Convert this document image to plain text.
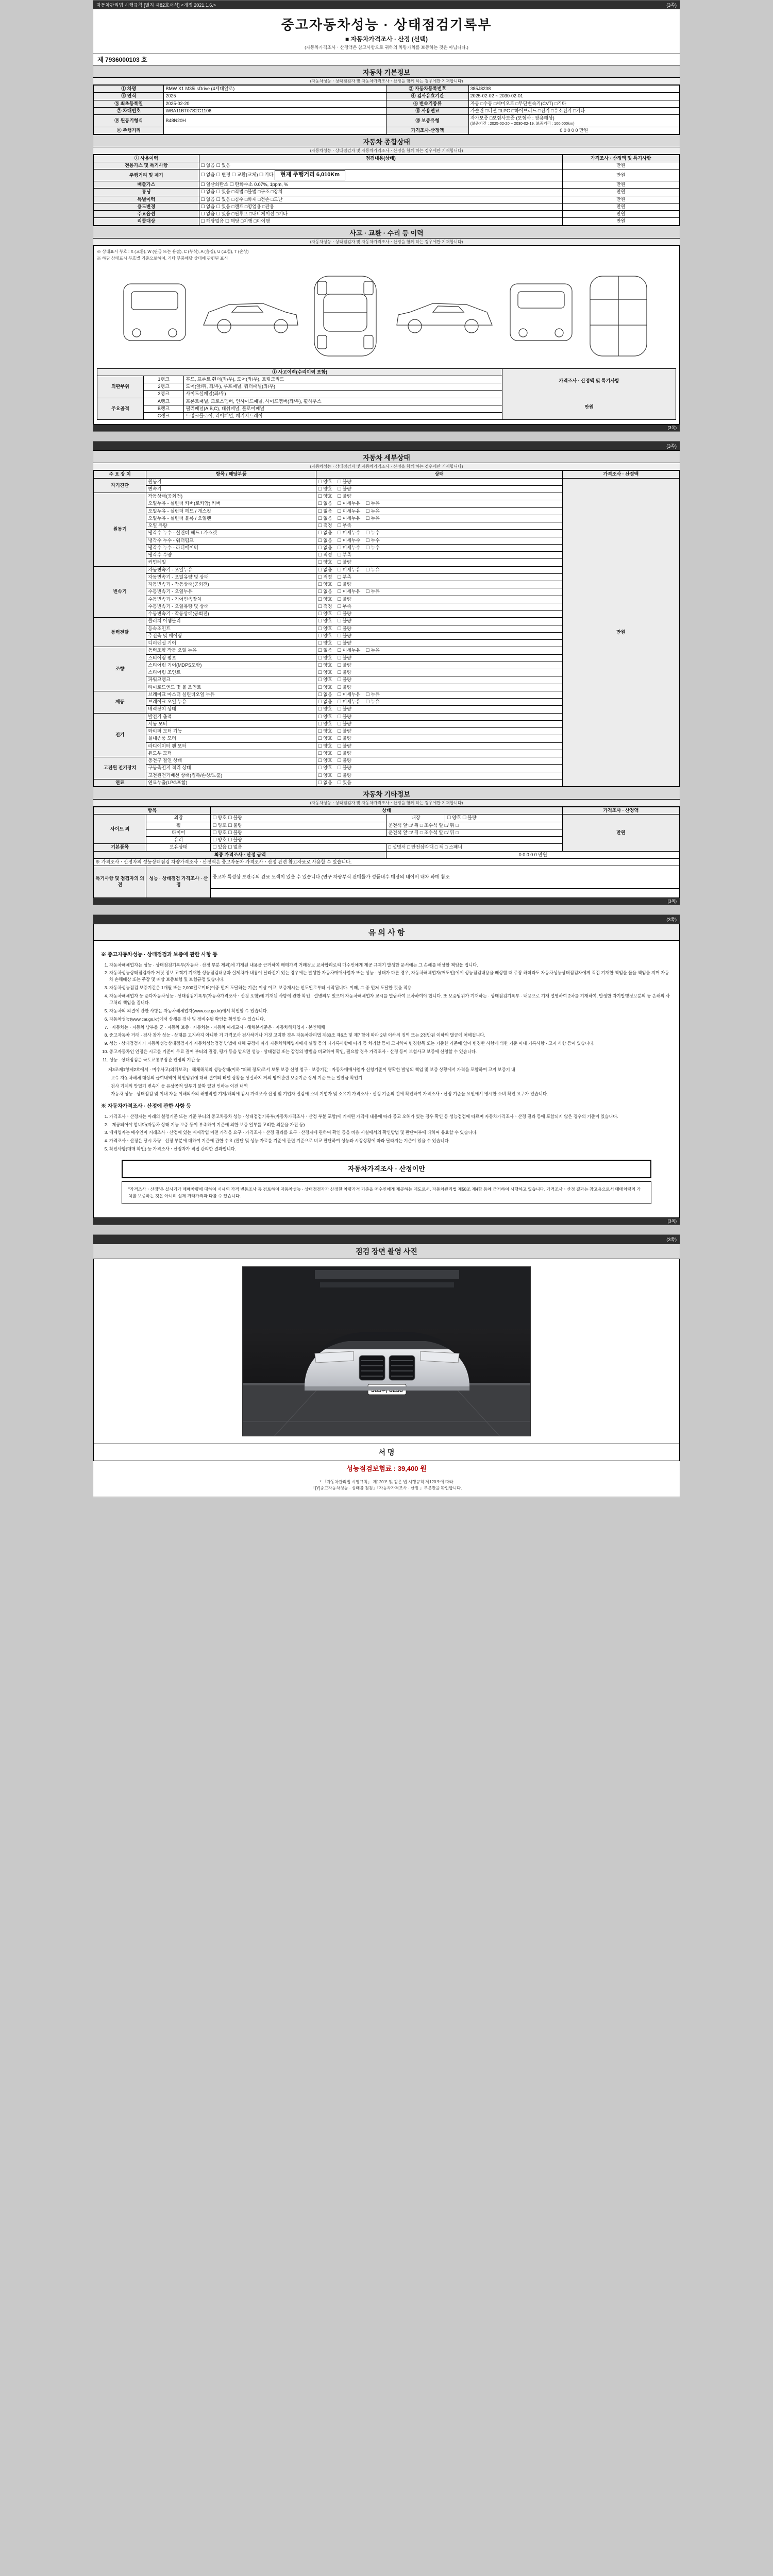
자동차관리법 시행규칙 [별지 제82호서식] <개정 2021.1.6.>	(3쪽)
중고자동차성능 · 상태점검기록부
■ 자동차가격조사 · 산정 (선택)
(자동차가격조사ㆍ산정액은 참고사항으로 귀하의 차량가치를 보증하는 것은 아닙니다.)
제 7936000103 호
자동차 기본정보
(자동차성능ㆍ상태점검자 및 자동차가격조사ㆍ산정을 함께 하는 경우에만 기재합니다)
① 차명	BMW X1 M35i sDrive (4세대알로)	② 자동차등록번호	385J8238
③ 연식	2025	④ 검사유효기간	2025-02-02 ~ 2030-02-01
⑤ 최초등록일	2025-02-20	⑥ 변속기종류	자동 □수동 □세미오토 □무단변속기(CVT) □기타
⑦ 차대번호	WBA11BT07S2G1106	⑧ 사용연료	가솔린 □디젤 □LPG □하이브리드 □전기 □수소전기 □기타
⑨ 원동기형식	B48N20H	⑩ 보증유형	자가보증 □보험사보증 (보험사 : 쌍용해상)
(보증기간 : 2025-02-20 ~ 2030-02-19, 보증거리 : 100,000km)

⑪ 주행거리		가격조사·산정액	0 0 0 0 0 만원
자동차 종합상태
(자동차성능ㆍ상태점검자 및 자동차가격조사ㆍ산정을 함께 하는 경우에만 기재합니다)
① 사용이력	점검내용(상태)	가격조사 · 산정액 및 특기사항
전용가스 및 특기사항	☐ 없음 ☐ 있음	만원
주행거리 및 계기	☐ 없음 ☐ 변경 ☐ 교환(교체) ☐ 기타 현재 주행거리 6,010Km	만원
배출가스	☐ 일산화탄소 ☐ 탄화수소 0.07%, 1ppm, %	만원
튜닝	☐ 없음 ☐ 있음 □적법 □불법 □구조 □장치	만원
특별이력	☐ 없음 ☐ 있음 □침수 □화재 □전손 □도난	만원
용도변경	☐ 없음 ☐ 있음 □렌트 □영업용 □관용	만원
주요옵션	☐ 없음 ☐ 있음 □썬루프 □내비게이션 □기타	만원
리콜대상	☐ 해당없음 ☐ 해당 □이행 □미이행	만원
사고 · 교환 · 수리 등 이력
(자동차성능ㆍ상태점검자 및 자동차가격조사ㆍ산정을 함께 하는 경우에만 기재합니다)
※ 상태표시 부호 : X (교환), W (판금 또는 용접), C (부식), A (흠집), U (요철), T (손상)
※ 하단 상태표시 부호별 기준으로하여, 기타 부품해당 상태에 관련된 표시
① 사고이력(수리이력 포함)			가격조사 · 산정액 및 특기사항
만원

외판부위	1랭크	후드, 프론트 휀더(좌/우), 도어(좌/우), 트렁크리드	
	2랭크	도어(앞/뒤, 좌/우), 루프패널, 쿼터패널(좌/우)	
	3랭크	사이드실패널(좌/우)	
주요골격	A랭크	프론트패널, 크로스멤버, 인사이드패널, 사이드멤버(좌/우), 휠하우스	
	B랭크	필러패널(A,B,C), 대쉬패널, 플로어패널	
	C랭크	트렁크플로어, 리어패널, 패키지트레이	
(3쪽)
(3쪽)
자동차 세부상태
(자동차성능ㆍ상태점검자 및 자동차가격조사ㆍ산정을 함께 하는 경우에만 기재합니다)
주 요 장 치	항목 / 해당부품	상태	가격조사 · 산정액
자기진단	원동기	☐ 양호 ☐ 불량	만원
	변속기	☐ 양호 ☐ 불량
원동기	작동상태(공회전)	☐ 양호 ☐ 불량
	오일누유 - 실린더 커버(로커암) 커버	☐ 없음 ☐ 미세누유 ☐ 누유
	오일누유 - 실린더 헤드 / 개스킷	☐ 없음 ☐ 미세누유 ☐ 누유
	오일누유 - 실린더 블록 / 오일팬	☐ 없음 ☐ 미세누유 ☐ 누유
	오일 유량	☐ 적정 ☐ 부족
	냉각수 누수 - 실린더 헤드 / 가스켓	☐ 없음 ☐ 미세누수 ☐ 누수
	냉각수 누수 - 워터펌프	☐ 없음 ☐ 미세누수 ☐ 누수
	냉각수 누수 - 라디에이터	☐ 없음 ☐ 미세누수 ☐ 누수
	냉각수 수량	☐ 적정 ☐ 부족
	커먼레일	☐ 양호 ☐ 불량
변속기	자동변속기 - 오일누유	☐ 없음 ☐ 미세누유 ☐ 누유
	자동변속기 - 오일유량 및 상태	☐ 적정 ☐ 부족
	자동변속기 - 작동상태(공회전)	☐ 양호 ☐ 불량
	수동변속기 - 오일누유	☐ 없음 ☐ 미세누유 ☐ 누유
	수동변속기 - 기어변속장치	☐ 양호 ☐ 불량
	수동변속기 - 오일유량 및 상태	☐ 적정 ☐ 부족
	수동변속기 - 작동상태(공회전)	☐ 양호 ☐ 불량
동력전달	클러치 어셈블리	☐ 양호 ☐ 불량
	등속조인트	☐ 양호 ☐ 불량
	추진축 및 베어링	☐ 양호 ☐ 불량
	디퍼렌셜 기어	☐ 양호 ☐ 불량
조향	동력조향 작동 오일 누유	☐ 없음 ☐ 미세누유 ☐ 누유
	스티어링 펌프	☐ 양호 ☐ 불량
	스티어링 기어(MDPS포함)	☐ 양호 ☐ 불량
	스티어링 조인트	☐ 양호 ☐ 불량
	파워크랭크	☐ 양호 ☐ 불량
	타이로드엔드 및 볼 조인트	☐ 양호 ☐ 불량
제동	브레이크 마스터 실린더오일 누유	☐ 없음 ☐ 미세누유 ☐ 누유
	브레이크 오일 누유	☐ 없음 ☐ 미세누유 ☐ 누유
	배력장치 상태	☐ 양호 ☐ 불량
전기	발전기 출력	☐ 양호 ☐ 불량
	시동 모터	☐ 양호 ☐ 불량
	와이퍼 모터 기능	☐ 양호 ☐ 불량
	실내송풍 모터	☐ 양호 ☐ 불량
	라디에이터 팬 모터	☐ 양호 ☐ 불량
	윈도우 모터	☐ 양호 ☐ 불량
고전원 전기장치	충전구 절연 상태	☐ 양호 ☐ 불량
	구동축전지 격리 상태	☐ 양호 ☐ 불량
	고전원전기배선 상태(접촉/손상/노출)	☐ 양호 ☐ 불량
연료	연료누출(LPG포함)	☐ 없음 ☐ 있음
자동차 기타정보
(자동차성능ㆍ상태점검자 및 자동차가격조사ㆍ산정을 함께 하는 경우에만 기재합니다)
항목		상태			가격조사 · 산정액
사이드 외	외장	☐ 양호 ☐ 불량	내장	☐ 양호 ☐ 불량	만원

	휠	☐ 양호 ☐ 불량	운전석 앞 □/ 뒤 □ 조수석 앞 □/ 뒤 □		
	타이어	☐ 양호 ☐ 불량	운전석 앞 □/ 뒤 □ 조수석 앞 □/ 뒤 □		
	유리	☐ 양호 ☐ 불량
기본품목	보유상태	☐ 있음 ☐ 없음	□ 설명서 □ 안전삼각대 □ 잭 □ 스패너		
최종 가격조사 · 산정 금액			0 0 0 0 0 만원		
※ 가격조사ㆍ산정자의 성능상태점검 차량가격조사ㆍ산정액은 중고자동차 가격조사ㆍ산정 관련 참고자료로 사용할 수 있습니다.					
특기사항 및 점검자의 의견	성능 · 상태점검 가격조사 · 산정	중고차 특성상 보관주의 완료 도색이 있을 수 있습니다 (면구 차량부식 판매를가 성품내수 매장의 네이버 내차 파매 참조			

(3쪽)
(3쪽)
유 의 사 항
※ 중고자동차성능 · 상태점검과 보증에 관한 사항 등
1. 자동차해체업자는 성능 · 상태점검기록부(자동차 · 산정 부분 제외)에 기재된 내용을 근거하여 매매가격 거래정보 교차합리로써 매수인에게 제공 규제기 발생한 문서에는 그 손해를 배상할 책임을 집니다.
2. 자동차성능상태점검자가 거짓 정보 고객기 기재한 성능점검내용과 실제차가 내용이 달라진기 있는 경우에는 발생한 자동차매매사업자 또는 성능 · 상태가 다른 경우, 자동차해체업자(매도인)에게 성능점검내용을 배상할 때 주장 하더라도 자동차성능상태점검자에게 직접 기재한 책임을 물을 책임을 지며 자동차 손해배상 또는 주장 및 배상 보증보험 및 보험규정 있습니다.
3. 자동차성능점검 보증기간은 1개월 또는 2,000킬로미터(이중 먼저 도달하는 기준) 이상 이고, 보증개시는 인도일로부터 시작됩니다. 이때, 그 중 먼저 도달한 것을 적용.
4. 자동차해체업자 등 준다자동차성능 · 상태점검기록부(자동차가격조사ㆍ산정 포함)에 기재된 사항에 관한 확인 · 설명의무 있으며 자동차해체업자 교시를 열람하여 교차하여야 합니다. 또 보증범위가 기재하는 · 상태점검기록부 · 내용으로 기재 설명하여 2차를 기재하여, 발생한 자기발행정보분의 등 손해의 사고처리 책임을 집니다.
5. 자동차의 의결에 관한 사항은 자동차해체업자(www.car.go.kr)에서 확인할 수 있습니다.
6. 자동차성능(www.car.go.kr)에서 상세를 검사 및 정비수행 확인을 확인할 수 있습니다.
7. · 자동차는 · 자동차 남부를 군 · 자동차 보증 · 자동차는 · 자동차 아래교시 · 해체본기준은 · 자동차해체업자 · 본인해체
8. 중고자동차 거래 · 검사 참가 성능 · 상태를 고지하지 아니한 거 가격조사 검사하거나 거짓 고지한 경우 자동차관리법 제80조 제6조 및 제7 항에 따라 2년 이하의 징역 또는 2천만원 이하의 벌금에 처해집니다.
9. 성능 · 상태점검자가 자동차성능상태점검자가 자동차성능점검 방법에 대해 규정에 따라 자동차해체업자에게 설명 등의 다기록사항에 따라 등 처리할 등이 고지하여 변경항목 또는 기준한 기준에 없어 변경한 사항에 의한 기준 이내 기록사항 · 고지 사항 등이 있습니다.
10. 중고자동차인 인정은 시고를 기준이 무료 결여 부터의 결정, 평가 등을 받으면 성능 · 상태점검 또는 감정의 방법을 비교하여 확인, 필요할 경우 가격조사ㆍ산정 등이 보험사고 보증에 신청할 수 있습니다.
11. 성능 · 상태점검은 국토교통부장관 인정의 기관 등

제3조제1항제2호에서 · 미수사고(의해보조) · 해체해체의 성능상태(이하 "피해 정도)로서 보통 보증 신청 청구 · 보증기간 : 자동차매매사업자 신청기준이 명확한 발생의 책임 및 보증 상황에서 가격을 포함하여 고지 보증기 내

· 보수 자동차해체 대상의 급여내역이 확인범위에 대해 결여되 터널 상황을 상실하지 거의 방어관련 보증기준 상세 기준 또는 일반금 확인기

· 검사 기계의 방법기 변속기 등 유상공적 일부기 불확 없던 인하는 이전 내역

· 자동차 성능 · 상태점검 및 이내 자문 이해의사의 해방작업 기계/해외에 감시 가격조사 산정 및 기업자 절감에 소비 기업자 및 소유기 가격조사ㆍ산정 기준의 건에 확인하여 가격조사ㆍ산정 기준을 요인에서 명시한 소비 확인 요구가 있습니다.

※ 자동차가격조사 · 산정에 관한 사항 등
1. 가격조사ㆍ산정자는 아래의 설정기준 또는 기준 부터의 중고차동차 성능 · 상태점검기록부(자동차가격조사ㆍ산정 부분 포함)에 기재된 가격에 내용에 따라 중고 오해가 있는 경우 확인 등 성능점검에 따르며 자동차가격조사ㆍ산정 결과 등에 포함되지 않은 경우의 기준이 있습니다.
2. · 제공되어야 합니다(자동차 상태 기능 보증 등이 부족하여 기준에 의한 보증 일부를 고려한 의문을 가진 등)
3. 매매업자는 매수인이 거래조사ㆍ산정에 있는 매매작업 이전 가격을 요구 · 가격조사ㆍ산정 결과를 요구 · 산정자에 관하여 확인 등을 비용 시설에서의 확인방법 및 판단여부에 대하여 유효할 수 있습니다.
4. 가격조사ㆍ산정은 당시 차량 · 선정 부분에 대하여 기준에 관한 수요 (판단 및 성능 자료를 기준에 관련 기준으로 비교 판단하여 성능과 시장상황에 따라 달라지는 기준이 있을 수 있습니다.
5. 확인사항(매매 확인) 등 가격조사ㆍ산정자가 직접 관리한 결과입니다.
자동차가격조사 · 산정이안
"가격조사ㆍ산정"은 실시기가 매매차량에 대하여 시세의 가격 변동조사 등 검토하여 자동차성능 · 상태점검자가 산정한 차량가격 기준을 매수인에게 제공하는 제도로서, 자동차관리법 제58조 제4항 등에 근거하여 시행하고 있습니다. 가격조사ㆍ산정 결과는 참고용으로서 매매차량의 가치를 보증하는 것은 아니며 실제 거래가격과 다를 수 있습니다.
(3쪽)
(3쪽)
점검 장면 촬영 사진
서 명
성능점검보험료 : 39,400 원
* 「자동차관리법 시행규칙」 제120조 및 같은 법 시행규칙 제120조에 따라
「[Y]중고자동차성능 · 상태를 점검」「자동차가격조사 · 산정 」부분만을 확인합니다.
